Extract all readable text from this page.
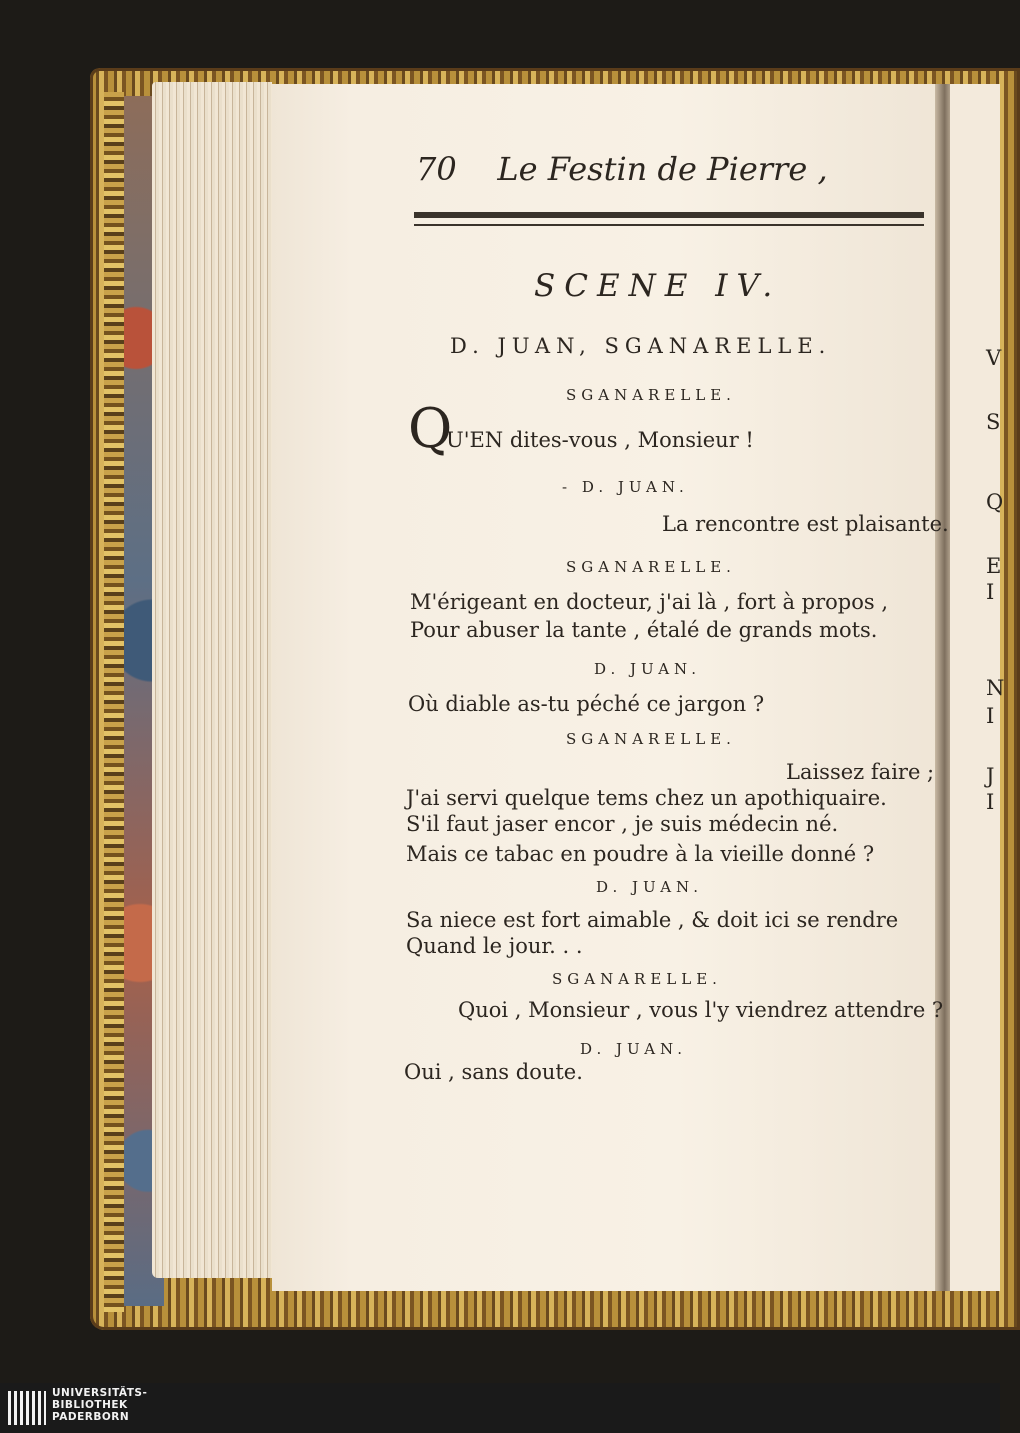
V
S
Q
E
I
N
I
J
I
70 Le Festin de Pierre ,
SCENE IV.
D. JUAN, SGANARELLE.
SGANARELLE.
Q
U'EN dites-vous , Monsieur !
- D. JUAN.
La rencontre est plaisante.
SGANARELLE.
M'érigeant en docteur, j'ai là , fort à propos ,
Pour abuser la tante , étalé de grands mots.
D. JUAN.
Où diable as-tu péché ce jargon ?
SGANARELLE.
Laissez faire ;
J'ai servi quelque tems chez un apothiquaire.
S'il faut jaser encor , je suis médecin né.
Mais ce tabac en poudre à la vieille donné ?
D. JUAN.
Sa niece est fort aimable , & doit ici se rendre
Quand le jour. . .
SGANARELLE.
Quoi , Monsieur , vous l'y viendrez attendre ?
D. JUAN.
Oui , sans doute.
UNIVERSITÄTS-
BIBLIOTHEK
PADERBORN
